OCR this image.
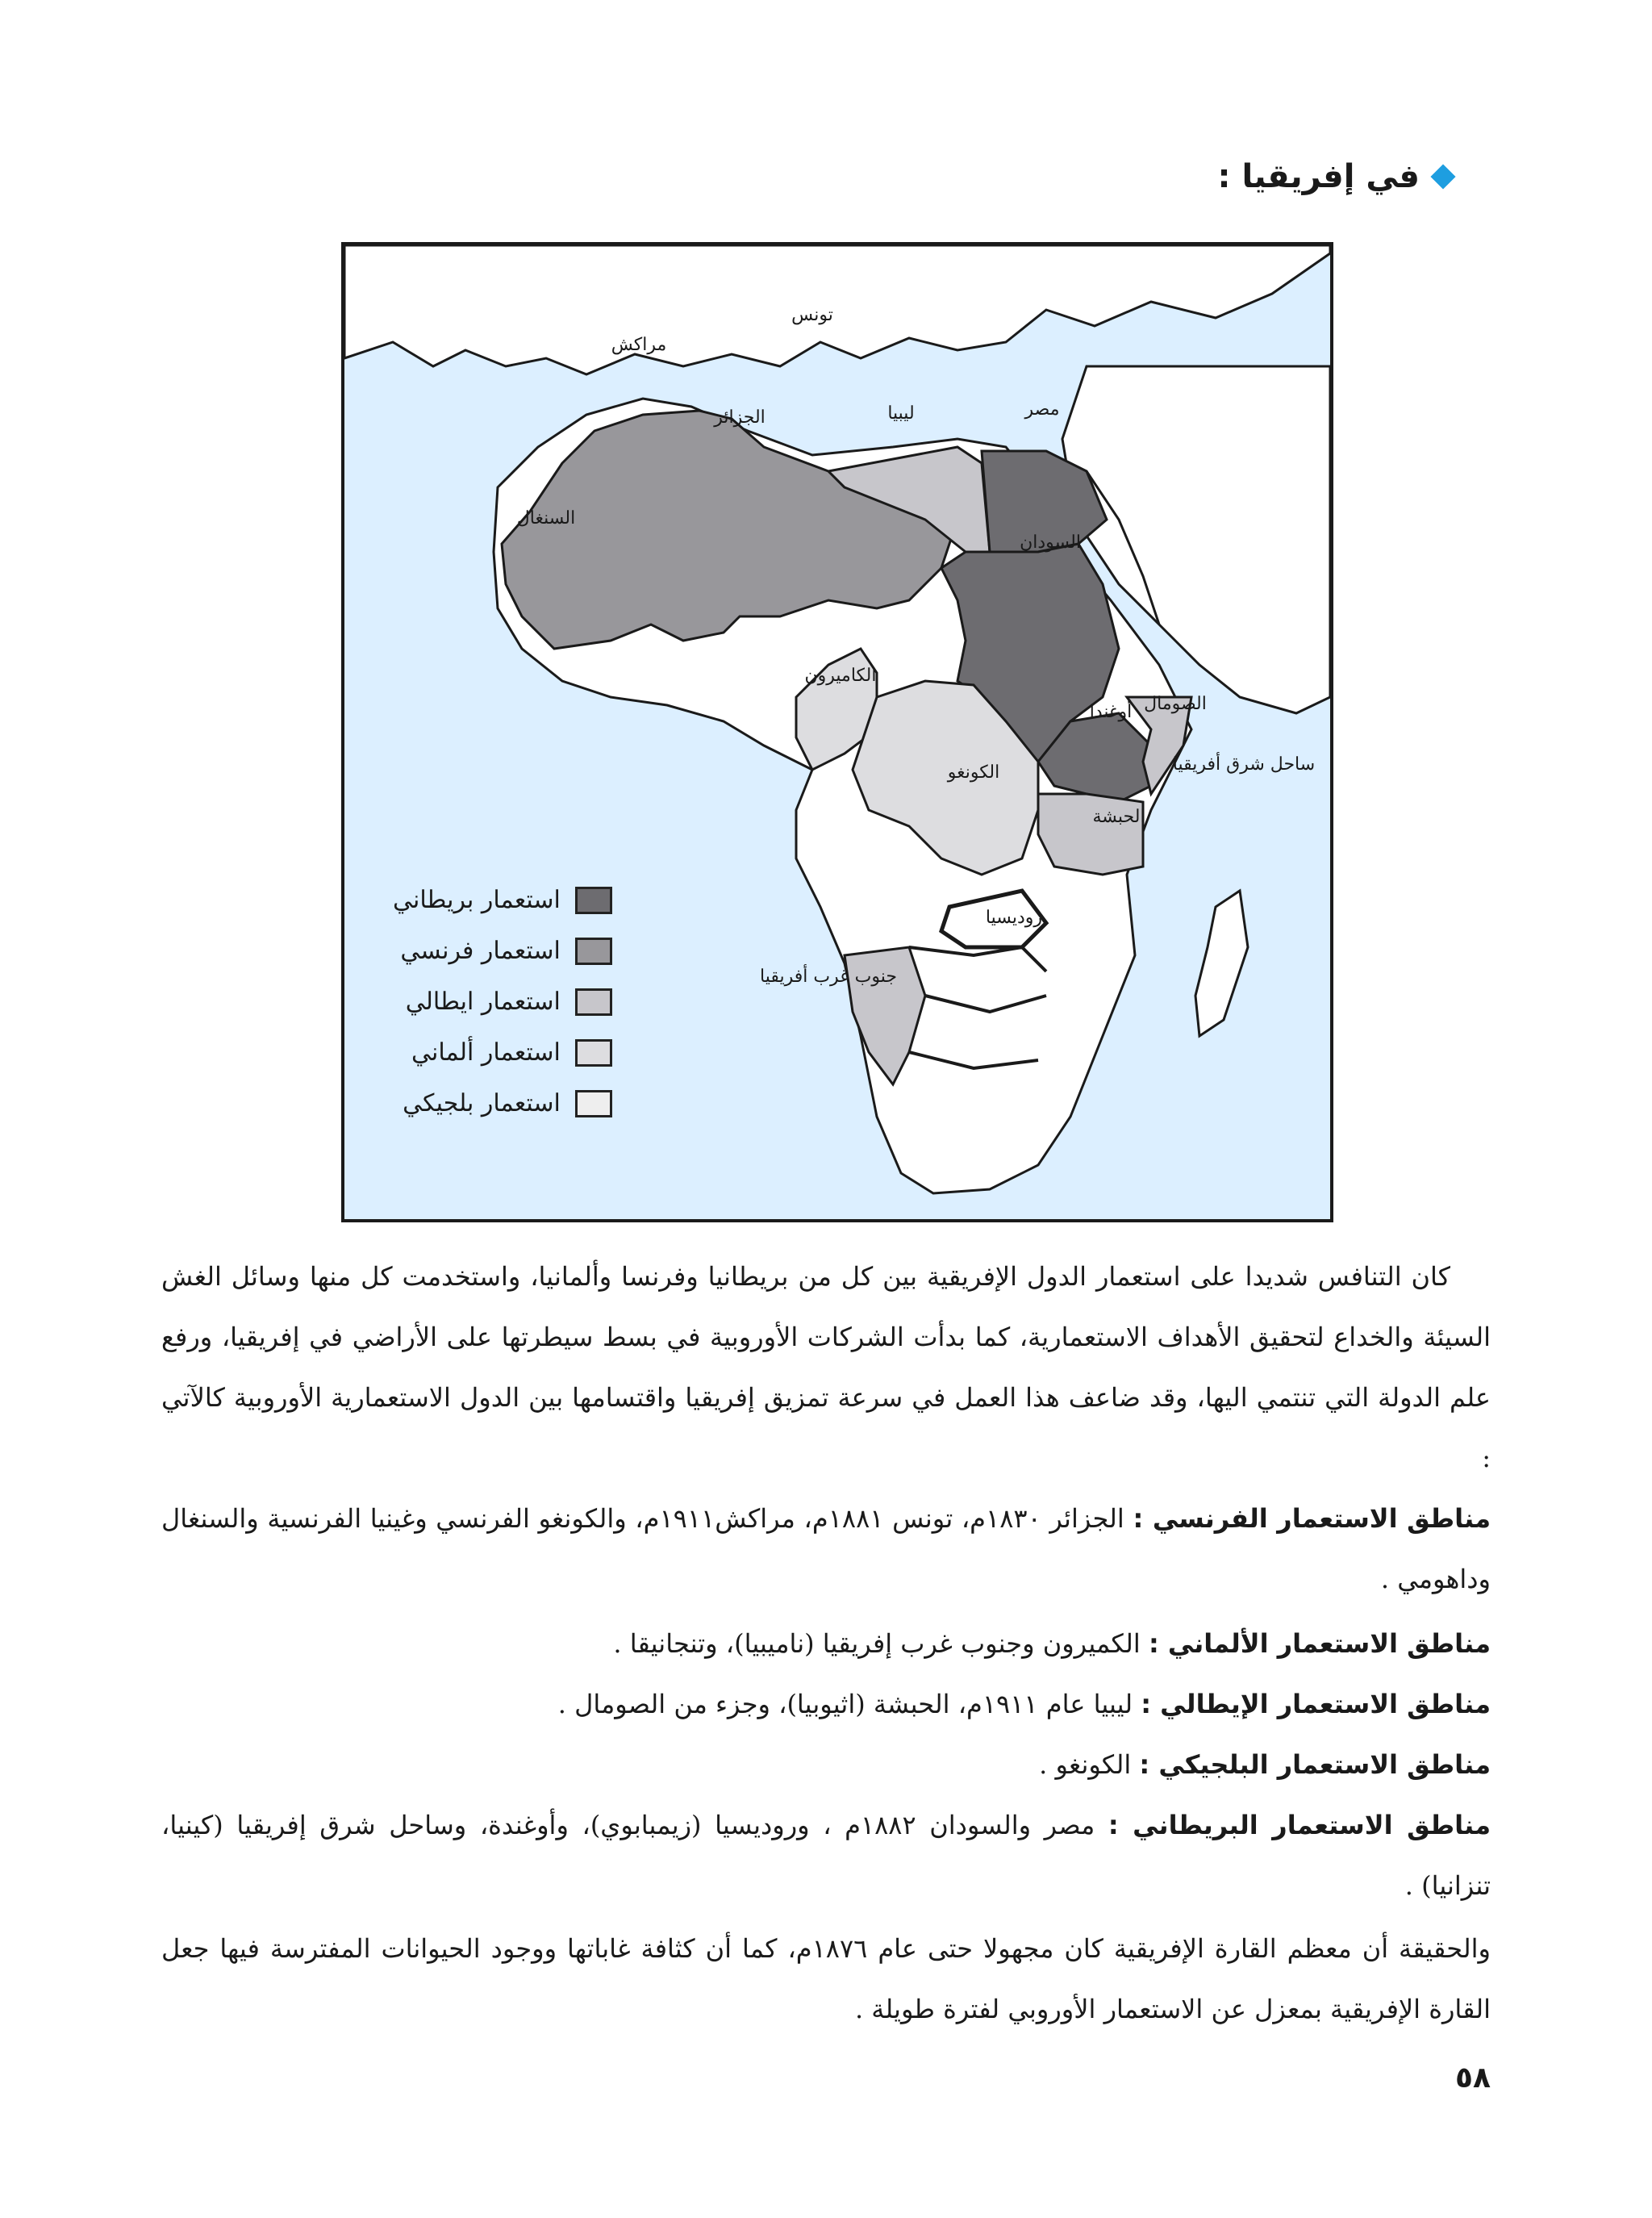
في إفريقيا :
تونس
مراكش
الجزائر	ليبيا	مصر
السنغال
السودان
الكاميرون
الصومال
أوغندا
ساحل شرق أفريقيا
الكونغو
الحبشة
روديسيا
جنوب غرب أفريقيا
استعمار بريطاني
استعمار فرنسي
استعمار ايطالي
استعمار ألماني
استعمار بلجيكي
كان التنافس شديدا على استعمار الدول الإفريقية بين كل من بريطانيا وفرنسا وألمانيا، واستخدمت كل منها وسائل الغش السيئة والخداع لتحقيق الأهداف الاستعمارية، كما بدأت الشركات الأوروبية في بسط سيطرتها على الأراضي في إفريقيا، ورفع علم الدولة التي تنتمي اليها، وقد ضاعف هذا العمل في سرعة تمزيق إفريقيا واقتسامها بين الدول الاستعمارية الأوروبية كالآتي :
مناطق الاستعمار الفرنسي : الجزائر ١٨٣٠م، تونس ١٨٨١م، مراكش١٩١١م، والكونغو الفرنسي وغينيا الفرنسية والسنغال وداهومي .
مناطق الاستعمار الألماني : الكميرون وجنوب غرب إفريقيا (ناميبيا)، وتنجانيقا .
مناطق الاستعمار الإيطالي : ليبيا عام ١٩١١م، الحبشة (اثيوبيا)، وجزء من الصومال .
مناطق الاستعمار البلجيكي : الكونغو .
مناطق الاستعمار البريطاني : مصر والسودان ١٨٨٢م ، وروديسيا (زيمبابوي)، وأوغندة، وساحل شرق إفريقيا (كينيا، تنزانيا) .
والحقيقة أن معظم القارة الإفريقية كان مجهولا حتى عام ١٨٧٦م، كما أن كثافة غاباتها ووجود الحيوانات المفترسة فيها جعل القارة الإفريقية بمعزل عن الاستعمار الأوروبي لفترة طويلة .
٥٨
